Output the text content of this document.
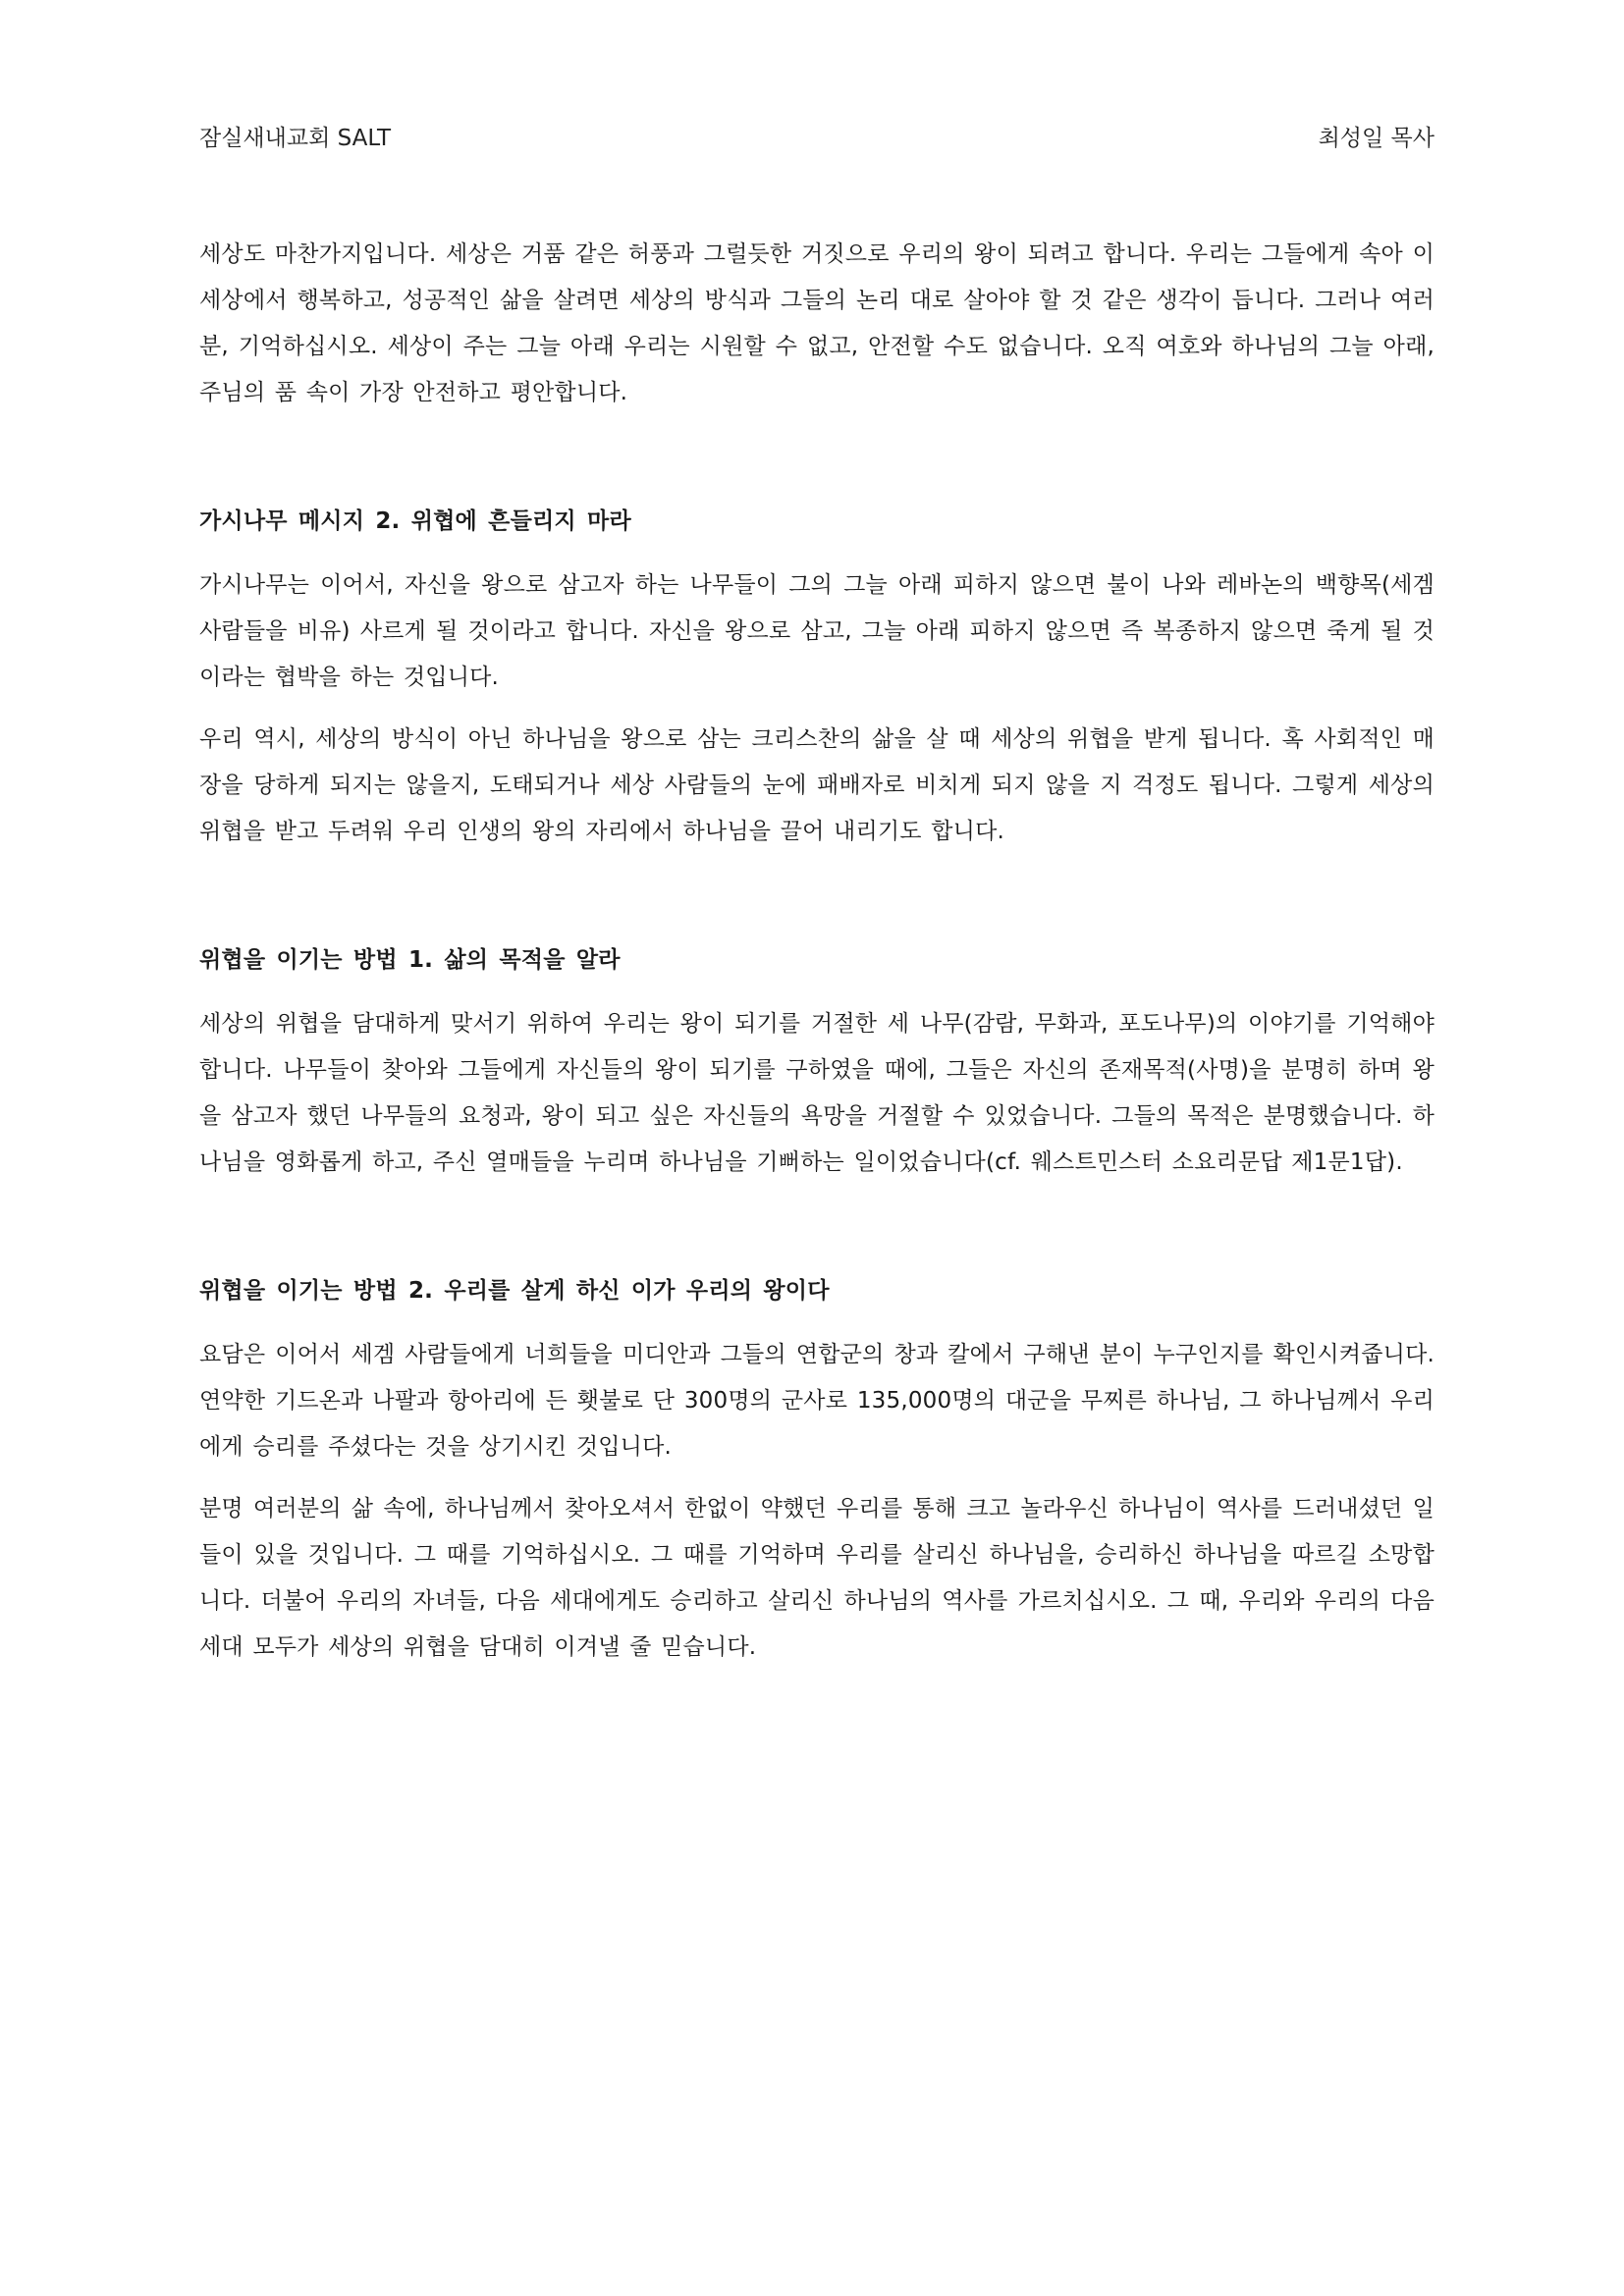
잠실새내교회 SALT	최성일 목사

세상도 마찬가지입니다. 세상은 거품 같은 허풍과 그럴듯한 거짓으로 우리의 왕이 되려고 합니다. 우리는 그들에게 속아 이 세상에서 행복하고, 성공적인 삶을 살려면 세상의 방식과 그들의 논리 대로 살아야 할 것 같은 생각이 듭니다. 그러나 여러분, 기억하십시오. 세상이 주는 그늘 아래 우리는 시원할 수 없고, 안전할 수도 없습니다. 오직 여호와 하나님의 그늘 아래, 주님의 품 속이 가장 안전하고 평안합니다.

가시나무 메시지 2. 위협에 흔들리지 마라

가시나무는 이어서, 자신을 왕으로 삼고자 하는 나무들이 그의 그늘 아래 피하지 않으면 불이 나와 레바논의 백향목(세겜 사람들을 비유) 사르게 될 것이라고 합니다. 자신을 왕으로 삼고, 그늘 아래 피하지 않으면 즉 복종하지 않으면 죽게 될 것이라는 협박을 하는 것입니다.

우리 역시, 세상의 방식이 아닌 하나님을 왕으로 삼는 크리스찬의 삶을 살 때 세상의 위협을 받게 됩니다. 혹 사회적인 매장을 당하게 되지는 않을지, 도태되거나 세상 사람들의 눈에 패배자로 비치게 되지 않을 지 걱정도 됩니다. 그렇게 세상의 위협을 받고 두려워 우리 인생의 왕의 자리에서 하나님을 끌어 내리기도 합니다.

위협을 이기는 방법 1. 삶의 목적을 알라

세상의 위협을 담대하게 맞서기 위하여 우리는 왕이 되기를 거절한 세 나무(감람, 무화과, 포도나무)의 이야기를 기억해야 합니다. 나무들이 찾아와 그들에게 자신들의 왕이 되기를 구하였을 때에, 그들은 자신의 존재목적(사명)을 분명히 하며 왕을 삼고자 했던 나무들의 요청과, 왕이 되고 싶은 자신들의 욕망을 거절할 수 있었습니다. 그들의 목적은 분명했습니다. 하나님을 영화롭게 하고, 주신 열매들을 누리며 하나님을 기뻐하는 일이었습니다(cf. 웨스트민스터 소요리문답 제1문1답).

위협을 이기는 방법 2. 우리를 살게 하신 이가 우리의 왕이다

요담은 이어서 세겜 사람들에게 너희들을 미디안과 그들의 연합군의 창과 칼에서 구해낸 분이 누구인지를 확인시켜줍니다. 연약한 기드온과 나팔과 항아리에 든 횃불로 단 300명의 군사로 135,000명의 대군을 무찌른 하나님, 그 하나님께서 우리에게 승리를 주셨다는 것을 상기시킨 것입니다.

분명 여러분의 삶 속에, 하나님께서 찾아오셔서 한없이 약했던 우리를 통해 크고 놀라우신 하나님이 역사를 드러내셨던 일들이 있을 것입니다. 그 때를 기억하십시오. 그 때를 기억하며 우리를 살리신 하나님을, 승리하신 하나님을 따르길 소망합니다. 더불어 우리의 자녀들, 다음 세대에게도 승리하고 살리신 하나님의 역사를 가르치십시오. 그 때, 우리와 우리의 다음세대 모두가 세상의 위협을 담대히 이겨낼 줄 믿습니다.
